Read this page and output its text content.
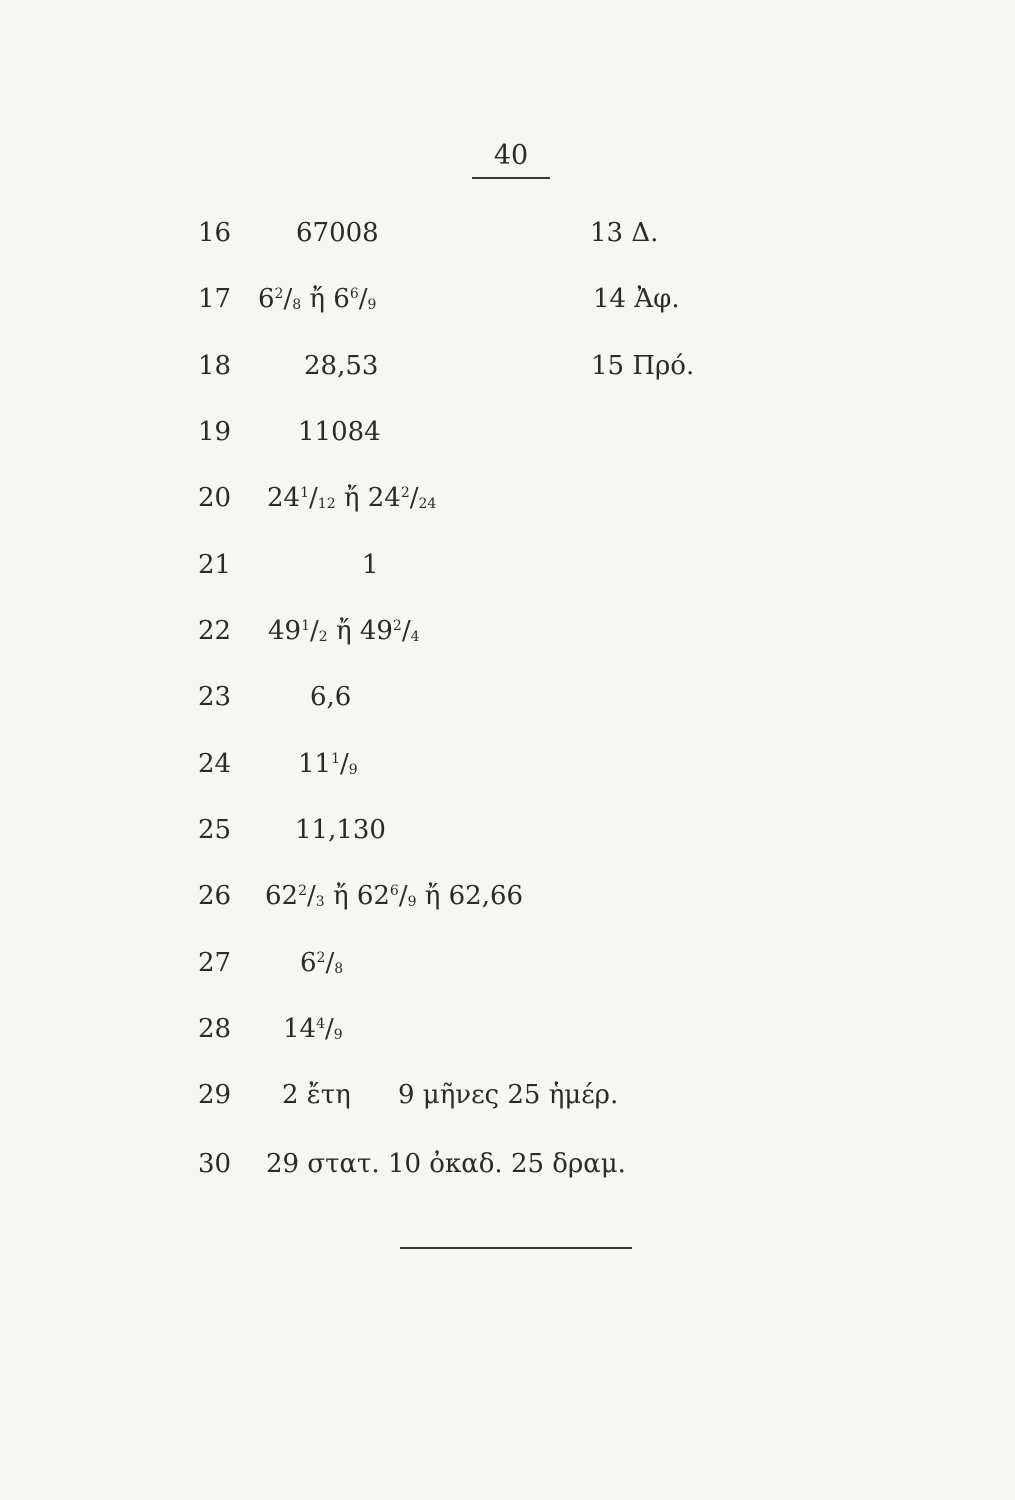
40
16 67008	13 Δ.
17 $6^2/_8$ ἤ $6^6/_9$	14 Ἀφ.
18	28,53	15 Πρό.
19	11084
20 $24^1/_{12}$ ἤ $24^2/_{24}$
21	1
22 $49^1/_2$ ἤ $49^2/_4$
23	6,6
24	$11^1/_9$
25 11,130
26 $62^2/_3$ ἤ $62^6/_9$ ἤ 62,66
27	$6^2/_8$
28 $14^4/_9$
29 2 ἔτη 9 μῆνες 25 ἡμέρ.
30 29 στατ. 10 ὀκαδ. 25 δραμ.
